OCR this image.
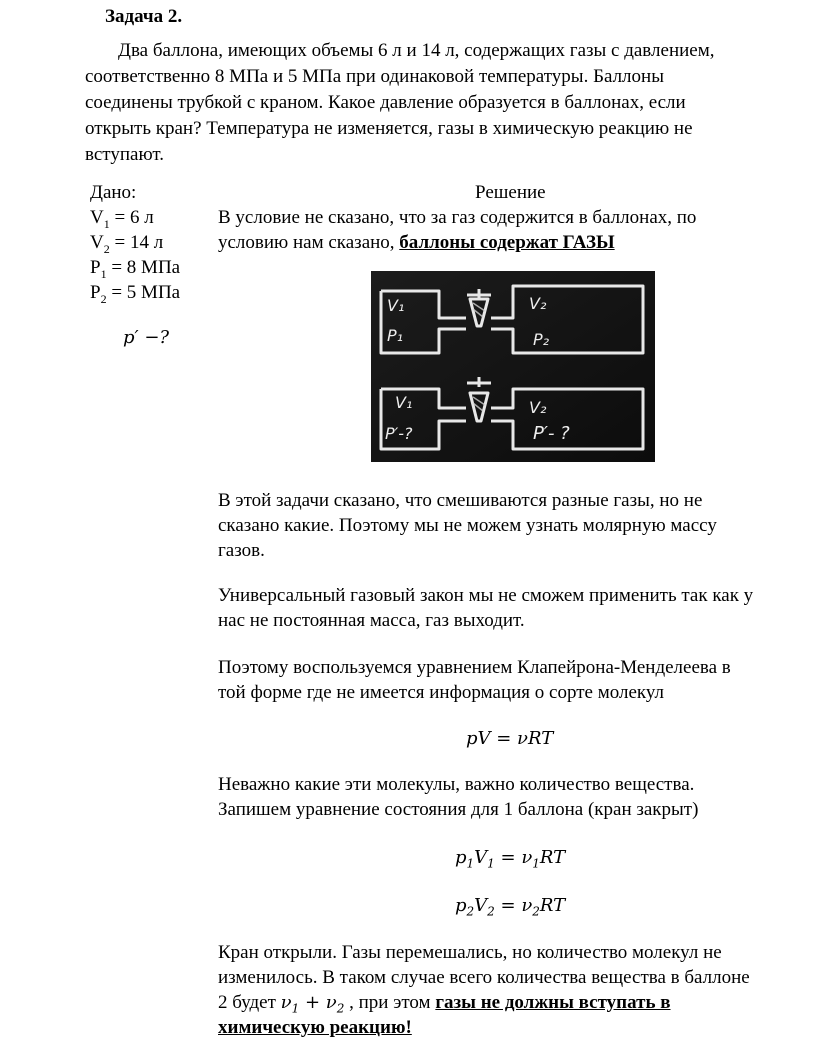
Задача 2.
Два баллона, имеющих объемы 6 л и 14 л, содержащих газы с давлением,
соответственно 8 МПа и 5 МПа при одинаковой температуры. Баллоны
соединены трубкой с краном. Какое давление образуется в баллонах, если
открыть кран? Температура не изменяется, газы в химическую реакцию не
вступают.
Дано:
$V_1 = 6$ л
$V_2 = 14$ л
$P_1 = 8$ МПа
$P_2 = 5$ МПа
p′ −?
Решение
В условие не сказано, что за газ содержится в баллонах, по
условию нам сказано, баллоны содержат ГАЗЫ
V₁
P₁
V₂
P₂
V₁
P′-?
V₂
P′- ?
В этой задачи сказано, что смешиваются разные газы, но не
сказано какие. Поэтому мы не можем узнать молярную массу
газов.
Универсальный газовый закон мы не сможем применить так как у
нас не постоянная масса, газ выходит.
Поэтому воспользуемся уравнением Клапейрона-Менделеева в
той форме где не имеется информация о сорте молекул
pV = νRT
Неважно какие эти молекулы, важно количество вещества.
Запишем уравнение состояния для 1 баллона (кран закрыт)
$p_1V_1 = \nu_1RT$
$p_2V_2 = \nu_2RT$
Кран открыли. Газы перемешались, но количество молекул не
изменилось. В таком случае всего количества вещества в баллоне
2 будет $\nu_1 + \nu_2$ , при этом газы не должны вступать в
химическую реакцию!
